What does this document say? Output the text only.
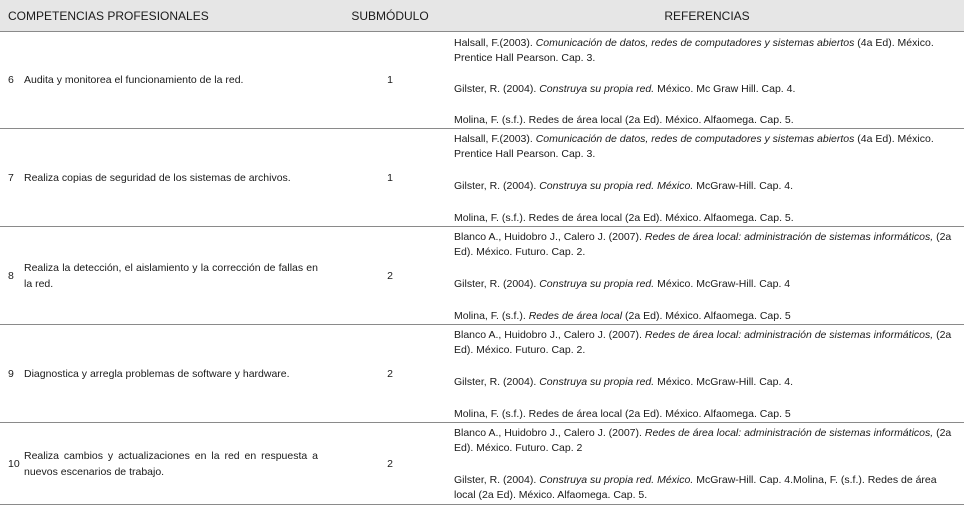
COMPETENCIAS PROFESIONALES		SUBMÓDULO	REFERENCIAS
6	Audita y monitorea el funcionamiento de la red.	1	Halsall, F.(2003). Comunicación de datos, redes de computadores y sistemas abiertos (4a Ed). México. Prentice Hall Pearson. Cap. 3.
Gilster, R. (2004). Construya su propia red. México. Mc Graw Hill. Cap. 4.
Molina, F. (s.f.). Redes de área local (2a Ed). México. Alfaomega. Cap. 5.

7	Realiza copias de seguridad de los sistemas de archivos.	1	Halsall, F.(2003). Comunicación de datos, redes de computadores y sistemas abiertos (4a Ed). México. Prentice Hall Pearson. Cap. 3.
Gilster, R. (2004). Construya su propia red. México. McGraw-Hill. Cap. 4.
Molina, F. (s.f.). Redes de área local (2a Ed). México. Alfaomega. Cap. 5.

8	Realiza la detección, el aislamiento y la corrección de fallas en la red.	2	Blanco A., Huidobro J., Calero J. (2007). Redes de área local: administración de sistemas informáticos, (2a Ed). México. Futuro. Cap. 2.
Gilster, R. (2004). Construya su propia red. México. McGraw-Hill. Cap. 4
Molina, F. (s.f.). Redes de área local (2a Ed). México. Alfaomega. Cap. 5

9	Diagnostica y arregla problemas de software y hardware.	2	Blanco A., Huidobro J., Calero J. (2007). Redes de área local: administración de sistemas informáticos, (2a Ed). México. Futuro. Cap. 2.
Gilster, R. (2004). Construya su propia red. México. McGraw-Hill. Cap. 4.
Molina, F. (s.f.). Redes de área local (2a Ed). México. Alfaomega. Cap. 5

10	Realiza cambios y actualizaciones en la red en respuesta a nuevos escenarios de trabajo.	2	Blanco A., Huidobro J., Calero J. (2007). Redes de área local: administración de sistemas informáticos, (2a Ed). México. Futuro. Cap. 2
Gilster, R. (2004). Construya su propia red. México. McGraw-Hill. Cap. 4.Molina, F. (s.f.). Redes de área local (2a Ed). México. Alfaomega. Cap. 5.
